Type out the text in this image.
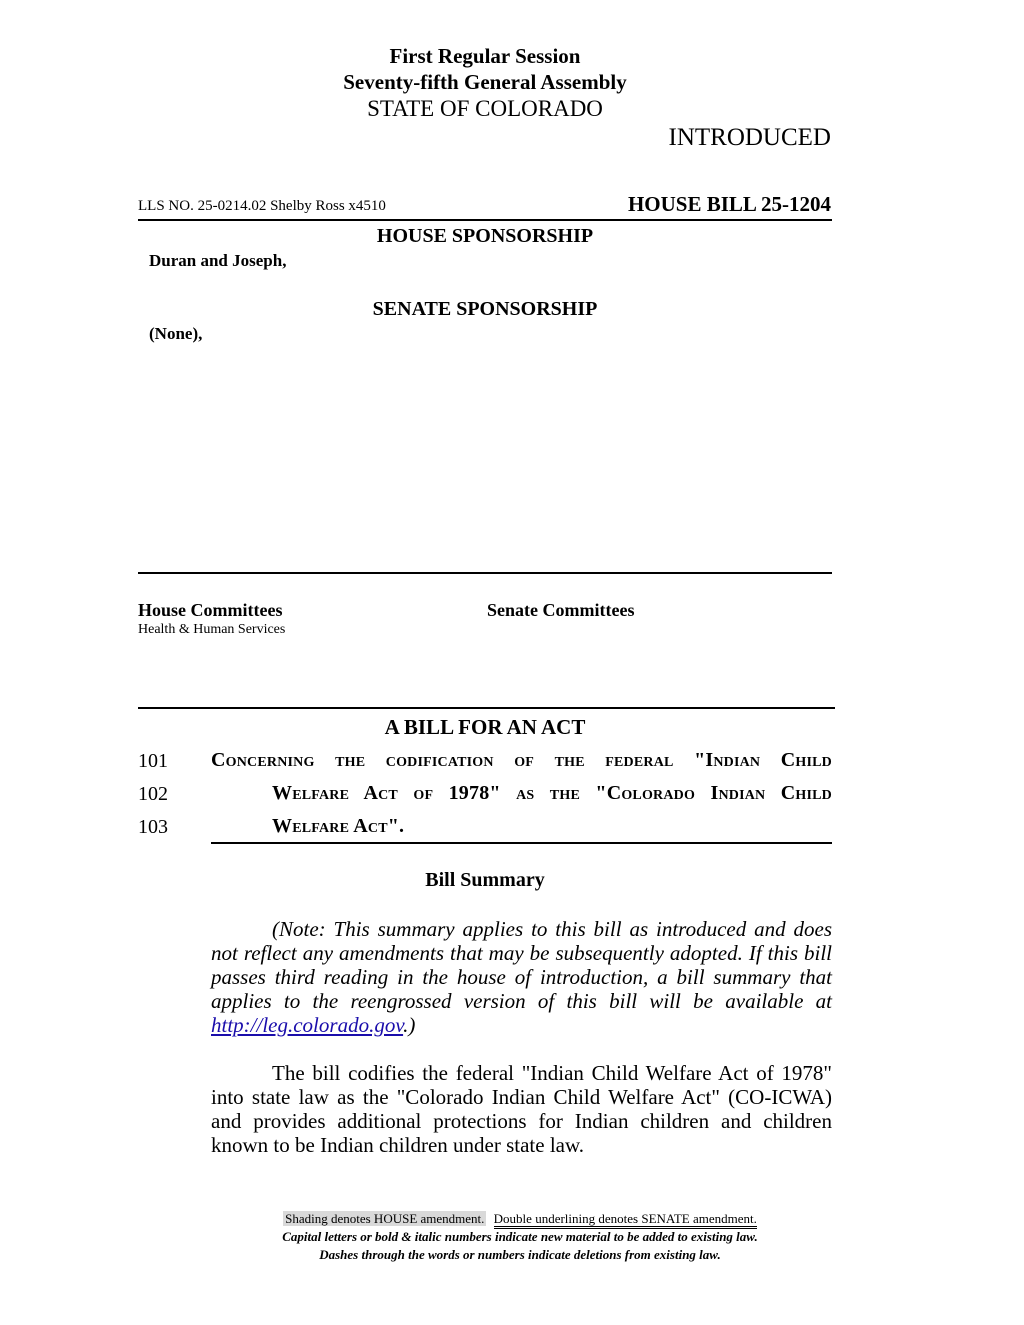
First Regular Session
Seventy-fifth General Assembly
STATE OF COLORADO
INTRODUCED
LLS NO. 25-0214.02 Shelby Ross x4510	HOUSE BILL 25-1204
HOUSE SPONSORSHIP
Duran and Joseph,
SENATE SPONSORSHIP
(None),
House Committees
Health & Human Services
Senate Committees
A BILL FOR AN ACT
101 Concerning the codification of the federal "Indian Child
102	Welfare Act of 1978" as the "Colorado Indian Child
103	Welfare Act".
Bill Summary
(Note: This summary applies to this bill as introduced and does not reflect any amendments that may be subsequently adopted. If this bill passes third reading in the house of introduction, a bill summary that applies to the reengrossed version of this bill will be available at http://leg.colorado.gov.)
The bill codifies the federal "Indian Child Welfare Act of 1978" into state law as the "Colorado Indian Child Welfare Act" (CO-ICWA) and provides additional protections for Indian children and children known to be Indian children under state law.
Shading denotes HOUSE amendment. Double underlining denotes SENATE amendment.
Capital letters or bold & italic numbers indicate new material to be added to existing law.
Dashes through the words or numbers indicate deletions from existing law.
